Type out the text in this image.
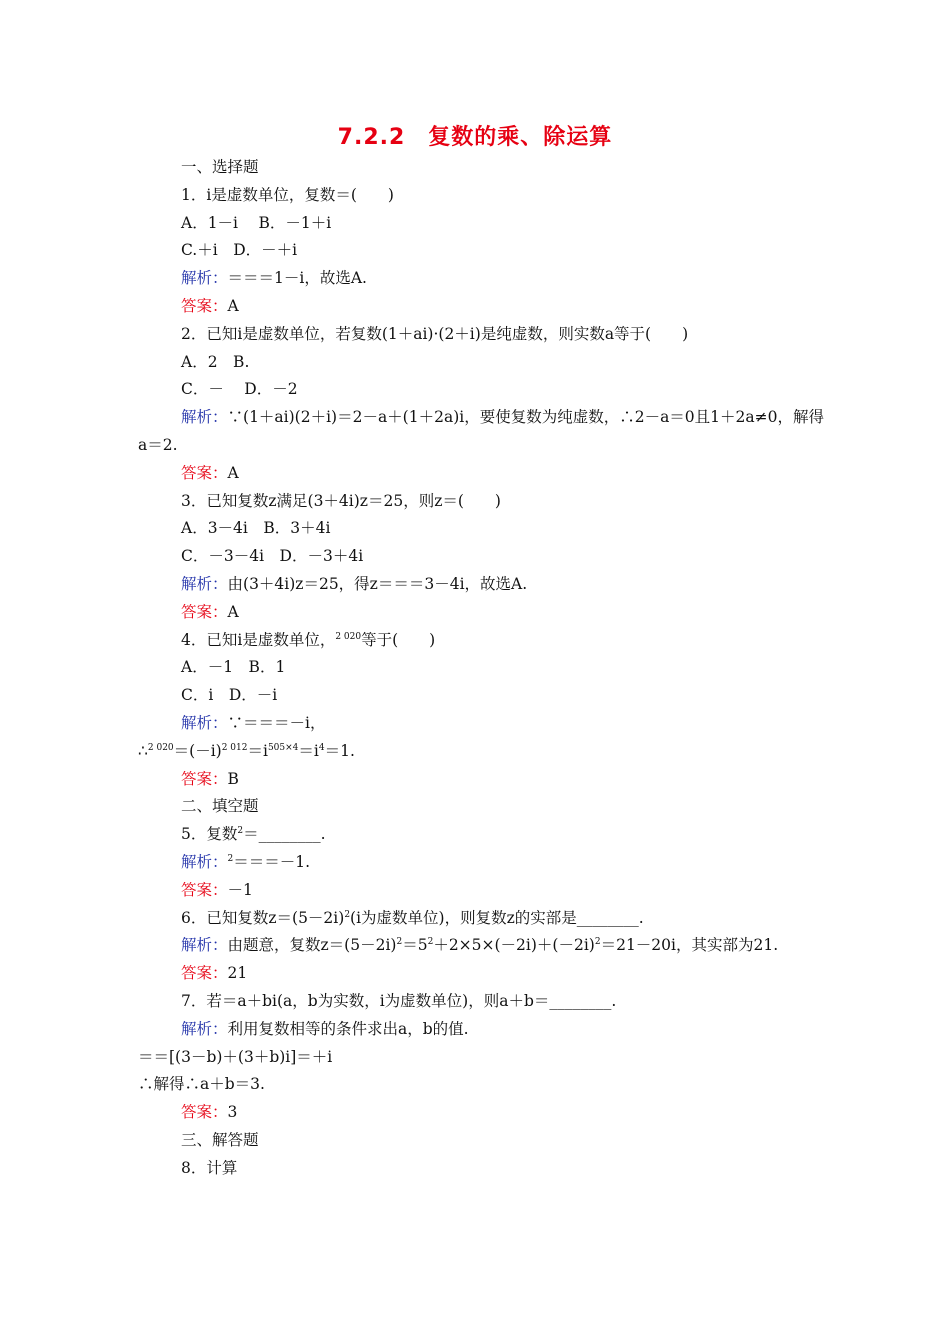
7.2.2　复数的乘、除运算
一、选择题
1．i是虚数单位，复数＝(　　)
A．1－i　 B．－1＋i
C.＋i　D．－＋i
解析：＝＝＝1－i，故选A.
答案：A
2．已知i是虚数单位，若复数(1＋ai)·(2＋i)是纯虚数，则实数a等于(　　)
A．2　B.
C．－　 D．－2
解析：∵(1＋ai)(2＋i)＝2－a＋(1＋2a)i，要使复数为纯虚数，∴2－a＝0且1＋2a≠0，解得a＝2.
答案：A
3．已知复数z满足(3＋4i)z＝25，则z＝(　　)
A．3－4i　B．3＋4i
C．－3－4i　D．－3＋4i
解析：由(3＋4i)z＝25，得z＝＝＝3－4i，故选A.
答案：A
4．已知i是虚数单位，$^{2 020}$等于(　　)
A．－1　B．1
C．i　D．－i
解析：∵＝＝＝－i，
$\therefore^{2 020}=(-i)^{2 012}=i^{505\times 4}=i^4=1$.
答案：B
二、填空题
5．复数$^2$＝________.
解析：$^2$＝＝＝－1.
答案：－1
6．已知复数$z=(5-2i)^2(i$为虚数单位)，则复数z的实部是________.
解析：由题意，复数$z=(5-2i)^2=5^2+2\times 5\times(-2i)+(-2i)^2=21-20i$，其实部为21.
答案：21
7．若＝a＋bi(a，b为实数，i为虚数单位)，则a＋b＝________.
解析：利用复数相等的条件求出a，b的值.
＝＝[(3－b)＋(3＋b)i]＝＋i
∴解得∴a＋b＝3.
答案：3
三、解答题
8．计算
